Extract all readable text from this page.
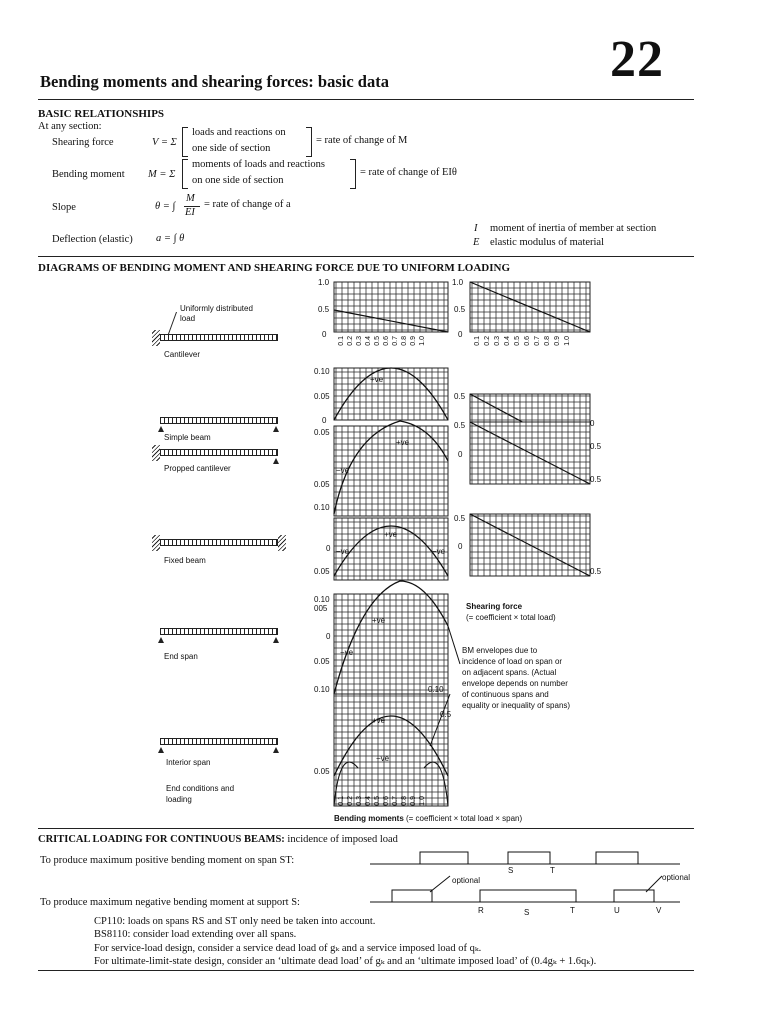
Bending moments and shearing forces: basic data	22
BASIC RELATIONSHIPS
At any section:
Shearing force	V = Σ
loads and reactions on
one side of section
= rate of change of M
Bending moment M = Σ
moments of loads and reactions
on one side of section
= rate of change of EIθ
Slope	θ = ∫
M
EI
= rate of change of a
Deflection (elastic) a = ∫ θ
I moment of inertia of member at section
E elastic modulus of material
DIAGRAMS OF BENDING MOMENT AND SHEARING FORCE DUE TO UNIFORM LOADING
Uniformly distributed
load
Cantilever
Simple beam
Propped cantilever
Fixed beam
End span
Interior span
End conditions and
loading
1.0
0.5
0
0.10
0.05
0
0.05
0.10
0.05
0
0.05
0.10
0.05
0
0.05
0.10
005
+ve
+ve
−ve
+ve
−ve	−ve
+ve
−ve
+ve
−ve
0.10
0.5
0.1 0.2 0.3 0.4 0.5 0.6 0.7 0.8 0.9 1.0
0.1 0.2 0.3 0.4 0.5 0.6 0.7 0.8 0.9 1.0
Bending moments (= coefficient × total load × span)
1.0
0.5
0
0.5
0.5
0
0.5
0
0.5
0.5
0
0.5
0.1 0.2 0.3 0.4 0.5 0.6 0.7 0.8 0.9 1.0
Shearing force
(= coefficient × total load)
BM envelopes due to
incidence of load on span or
on adjacent spans. (Actual
envelope depends on number
of continuous spans and
equality or inequality of spans)
CRITICAL LOADING FOR CONTINUOUS BEAMS: incidence of imposed load
To produce maximum positive bending moment on span ST:
To produce maximum negative bending moment at support S:
optional	optional
S	T
R	S	T	U	V
CP110: loads on spans RS and ST only need be taken into account.
BS8110: consider load extending over all spans.
For service-load design, consider a service dead load of gₖ and a service imposed load of qₖ.
For ultimate-limit-state design, consider an ‘ultimate dead load’ of gₖ and an ‘ultimate imposed load’ of (0.4gₖ + 1.6qₖ).
